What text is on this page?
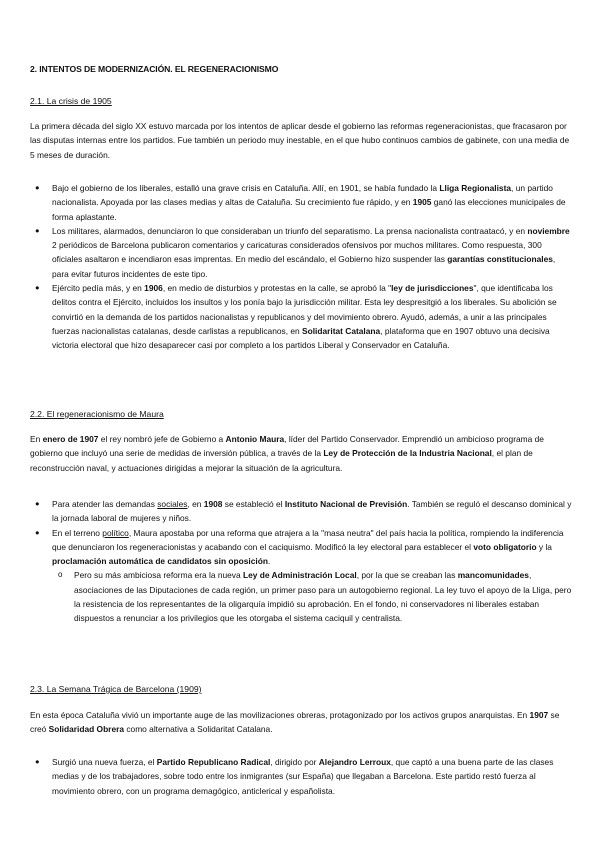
2. INTENTOS DE MODERNIZACIÓN. EL REGENERACIONISMO
2.1. La crisis de 1905

La primera década del siglo XX estuvo marcada por los intentos de aplicar desde el gobierno las reformas regeneracionistas, que fracasaron por las disputas internas entre los partidos. Fue también un periodo muy inestable, en el que hubo continuos cambios de gabinete, con una media de 5 meses de duración.

● Bajo el gobierno de los liberales, estalló una grave crisis en Cataluña. Allí, en 1901, se había fundado la Lliga Regionalista, un partido nacionalista. Apoyada por las clases medias y altas de Cataluña. Su crecimiento fue rápido, y en 1905 ganó las elecciones municipales de forma aplastante.
● Los militares, alarmados, denunciaron lo que consideraban un triunfo del separatismo. La prensa nacionalista contraatacó, y en noviembre 2 periódicos de Barcelona publicaron comentarios y caricaturas considerados ofensivos por muchos militares. Como respuesta, 300 oficiales asaltaron e incendiaron esas imprentas. En medio del escándalo, el Gobierno hizo suspender las garantías constitucionales, para evitar futuros incidentes de este tipo.
● Ejército pedía más, y en 1906, en medio de disturbios y protestas en la calle, se aprobó la "ley de jurisdicciones", que identificaba los delitos contra el Ejército, incluidos los insultos y los ponía bajo la jurisdicción militar. Esta ley despresitgió a los liberales. Su abolición se convirtió en la demanda de los partidos nacionalistas y republicanos y del movimiento obrero. Ayudó, además, a unir a las principales fuerzas nacionalistas catalanas, desde carlistas a republicanos, en Solidaritat Catalana, plataforma que en 1907 obtuvo una decisiva victoria electoral que hizo desaparecer casi por completo a los partidos Liberal y Conservador en Cataluña.
2.2. El regeneracionismo de Maura

En enero de 1907 el rey nombró jefe de Gobierno a Antonio Maura, líder del Partido Conservador. Emprendió un ambicioso programa de gobierno que incluyó una serie de medidas de inversión pública, a través de la Ley de Protección de la Industria Nacional, el plan de reconstrucción naval, y actuaciones dirigidas a mejorar la situación de la agricultura.

● Para atender las demandas sociales, en 1908 se estableció el Instituto Nacional de Previsión. También se reguló el descanso dominical y la jornada laboral de mujeres y niños.
● En el terreno político, Maura apostaba por una reforma que atrajera a la "masa neutra" del país hacia la política, rompiendo la indiferencia que denunciaron los regeneracionistas y acabando con el caciquismo. Modificó la ley electoral para establecer el voto obligatorio y la proclamación automática de candidatos sin oposición.
o Pero su más ambiciosa reforma era la nueva Ley de Administración Local, por la que se creaban las mancomunidades, asociaciones de las Diputaciones de cada región, un primer paso para un autogobierno regional. La ley tuvo el apoyo de la Lliga, pero la resistencia de los representantes de la oligarquía impidió su aprobación. En el fondo, ni conservadores ni liberales estaban dispuestos a renunciar a los privilegios que les otorgaba el sistema caciquil y centralista.
2.3. La Semana Trágica de Barcelona (1909)

En esta época Cataluña vivió un importante auge de las movilizaciones obreras, protagonizado por los activos grupos anarquistas. En 1907 se creó Solidaridad Obrera como alternativa a Solidaritat Catalana.

● Surgió una nueva fuerza, el Partido Republicano Radical, dirigido por Alejandro Lerroux, que captó a una buena parte de las clases medias y de los trabajadores, sobre todo entre los inmigrantes (sur España) que llegaban a Barcelona. Este partido restó fuerza al movimiento obrero, con un programa demagógico, anticlerical y españolista.
